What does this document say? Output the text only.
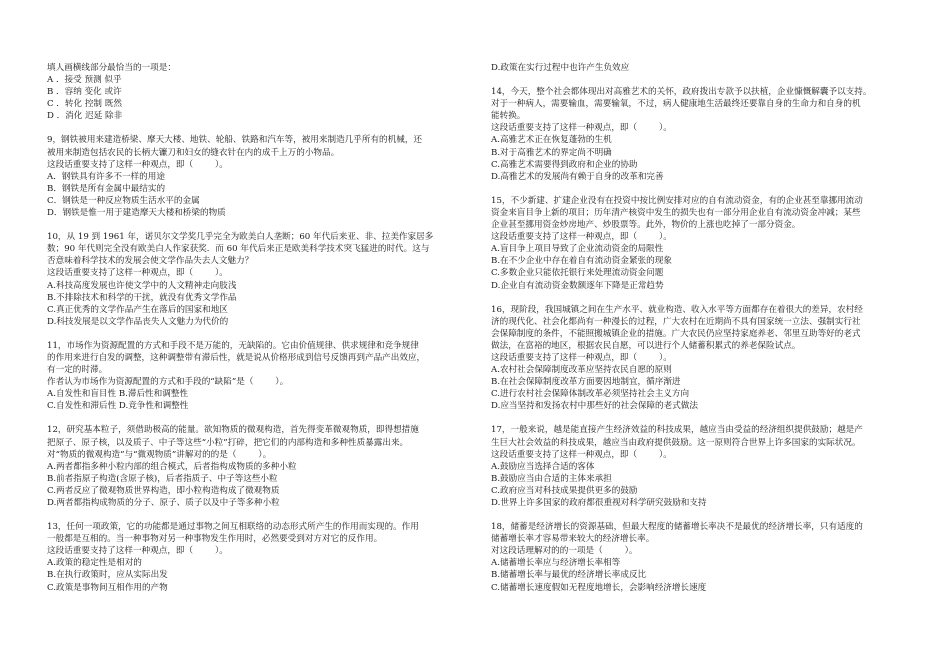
填人画横线部分最恰当的一项是：
A ．接受 预测 似乎
B ．容纳 变化 或许
C ．转化 控制 既然
D ．消化 迟延 除非
9，钢铁被用来建造桥梁、摩天大楼、地铁、轮船、铁路和汽车等，被用来制造几乎所有的机械，还
被用来制造包括农民的长柄大镰刀和妇女的缝衣针在内的成千上万的小物品。
这段话重要支持了这样一种观点，即（        ）。
A．钢铁具有许多不一样的用途
B．钢铁是所有金属中最结实的
C．钢铁是一种反应物质生活水平的金属
D．钢铁是惟一用于建造摩天大楼和桥梁的物质
10，从 19 到 1961 年，诺贝尔文学奖几乎完全为欧美白人垄断；60 年代后来亚、非、拉美作家居多
数；90 年代则完全没有欧美白人作家获奖．而 60 年代后来正是欧美科学技术突飞猛进的时代。这与
否意味着科学技术的发展会使文学作品失去人文魅力？
这段话重要支持了这样一种观点，即（        ）。
A.科技高度发展也许使文学中的人文精神走向肢浅
B.不排除技术和科学的干扰，就没有优秀文学作品
C.真正优秀的文学作品产生在落后的国家和地区
D.科技发展是以文学作品丧失人文魅力为代价的
11，市场作为资源配置的方式和手段不是万能的，无缺陷的。它由价值规律、供求规律和竞争规律
的作用来进行自发的调整，这种调整带有滞后性，就是说从价格形成到信号反馈再到产品产出效应，
有一定的时滞。
作者认为市场作为资源配置的方式和手段的“缺陷”是（        ）。
A.自发性和盲目性 B.滞后性和调整性
C.自发性和滞后性 D.竞争性和调整性
12，研究基本粒子，须借助极高的能量。欲知物质的微观构造，首先得变革微观物质，即得想措施
把原子、原子核，以及质子、中子等这些“小粒”打碎，把它们的内部构造和多种性质暴露出来。
对“物质的微观构造”与“微观物质”讲解对的的是（        ）。
A.两者都指多种小粒内部的组合模式，后者指构成物质的多种小粒
B.前者指原子构造(含原子核)，后者指质子、中子等这些小粒
C.两者反应了微观物质世界构造，即小粒构造构成了微观物质
D.两者都指构成物质的分子、原子、质子以及中子等多种小粒
13，任何一项政策，它的功能都是通过事物之间互相联络的动态形式所产生的作用而实现的。作用
一般都是互相的。当一种事物对另一种事物发生作用时，必然要受到对方对它的反作用。
这段话重要支持了这样一种观点，即（        ）。
A.政策的稳定性是相对的
B.在执行政策时，应从实际出发
C.政策是事物间互相作用的产物
D.政策在实行过程中也许产生负效应
14，今天，整个社会都体现出对高雅艺术的关怀，政府拨出专款予以扶植，企业慷慨解囊予以支持。
对于一种病人，需要输血，需要输氧，不过，病人健康地生活最终还要靠自身的生命力和自身的机
能转换。
这段话重要支持了这样一种观点，即（        ）。
A.高雅艺术正在恢复蓬勃的生机
B.对于高雅艺术的界定尚不明确
C.高雅艺术需要得到政府和企业的协助
D.高雅艺术的发展尚有赖于自身的改革和完善
15，不少新建、扩建企业没有在投资中按比例安排对应的自有流动资金，有的企业甚至靠挪用流动
资金来盲目争上新的项目；历年清产核资中发生的损失也有一部分用企业自有流动资金冲减；某些
企业甚至挪用资金炒房地产、炒股票等。此外，物价的上涨也吃掉了一部分资金。
这段话重要支持了这样一种观点，即（        ）。
A.盲目争上项目导致了企业流动资金的局限性
B.在不少企业中存在着自有流动资金紧张的现象
C.多数企业只能依托银行来处理流动资金问题
D.企业自有流动资金数额逐年下降是正常趋势
16，现阶段，我国城镇之间在生产水平、就业构造、收入水平等方面都存在着很大的差异，农村经
济的现代化、社会化都尚有一种漫长的过程，广大农村在近期尚不具有国家统一立法、强制实行社
会保障制度的条件，不能照搬城镇企业的措施。广大农民仍应坚持家庭养老、邻里互助等好的老式
做法，在富裕的地区，根据农民自愿，可以进行个人储蓄积累式的养老保险试点。
这段话重要支持了这样一种观点，即（        ）。
A.农村社会保障制度改革应坚持农民自愿的原则
B.在社会保障制度改革方面要因地制宜，循序渐进
C.进行农村社会保障体制改革必须坚持社会主义方向
D.应当坚持和发扬农村中那些好的社会保障的老式做法
17，一般来说，越是能直接产生经济效益的科技成果，越应当由受益的经济组织提供鼓励；越是产
生巨大社会效益的科技成果，越应当由政府提供鼓励。这一原则符合世界上许多国家的实际状况。
这段话重要支持了这样一种观点，即（        ）。
A.鼓励应当选择合适的客体
B.鼓励应当由合适的主体来承担
C.政府应当对科技成果提供更多的鼓励
D.世界上许多国家的政府都很重视对科学研究鼓励和支持
18，储蓄是经济增长的资源基础，但最大程度的储蓄增长率决不是最优的经济增长率，只有适度的
储蓄增长率才容易带来较大的经济增长率。
对这段话理解对的的一项是（        ）。
A.储蓄增长率应与经济增长率相等
B.储蓄增长率与最优的经济增长率成反比
C.储蓄增长速度假如无程度地增长，会影响经济增长速度
